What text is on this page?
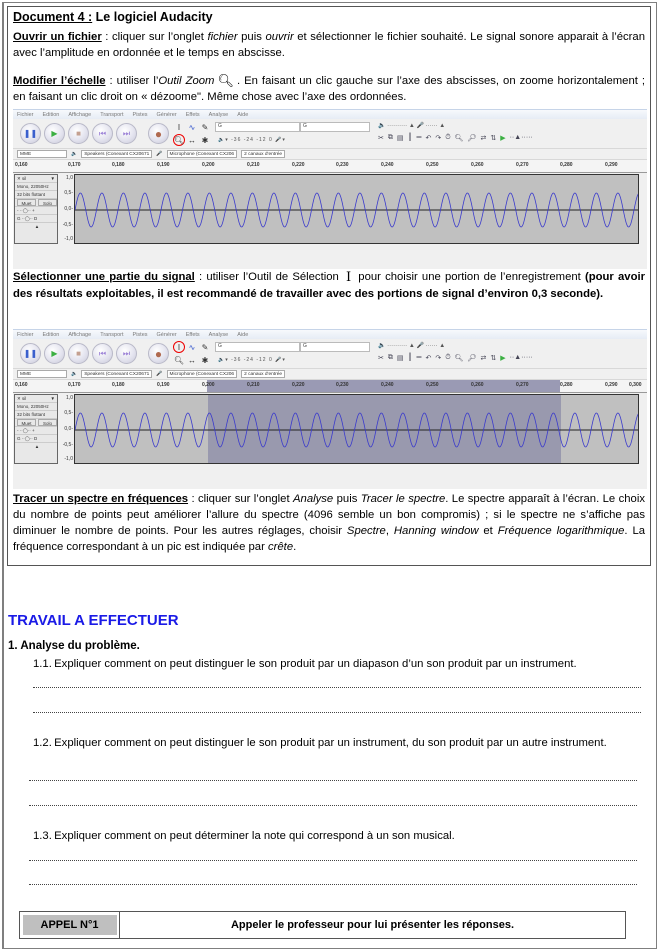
Document 4 : Le logiciel Audacity
Ouvrir un fichier : cliquer sur l’onglet fichier puis ouvrir et sélectionner le fichier souhaité. Le signal sonore apparait à l’écran avec l’amplitude en ordonnée et le temps en abscisse.
Modifier l’échelle : utiliser l’Outil Zoom 🔍︎ . En faisant un clic gauche sur l’axe des abscisses, on zoome horizontalement ; en faisant un clic droit on « dézoome". Même chose avec l’axe des ordonnées.
Fichier Edition Affichage Transport Pistes Générer Effets Analyse Aide
❚❚ ▶ ■ ⏮ ⏭ ● I ∿ ✎
🔍︎ ↔ ✱
G	G
🔈▾ -36 -24 -12 0 🎤▾
🔈 ·········· ▲ 🎤 ······ ▲
✂ ⧉ ▤ ║ ═ ↶ ↷ ⏱ 🔍︎ 🔎︎ ⇄ ⇅ ▶ ··▲·····
MME	🔈	Speakers (Conexant CX20671	🎤	Microphone (Conexant CX206	2 canaux d'entrée
0,160	0,170	0,180	0,190	0,200	0,210	0,220	0,230	0,240	0,250	0,260	0,270	0,280	0,290
✕ sil	▼
Mono, 22050Hz
32 bits flottant
Muet	Solo
- ··◯·· +
G ··◯·· D
▲
1,0
0,5-
0,0-
-0,5-
-1,0
Sélectionner une partie du signal : utiliser l’Outil de Sélection I pour choisir une portion de l’enregistrement (pour avoir des résultats exploitables, il est recommandé de travailler avec des portions de signal d’environ 0,3 seconde).
Fichier Edition Affichage Transport Pistes Générer Effets Analyse Aide
❚❚ ▶ ■ ⏮ ⏭ ● I ∿ ✎
🔍︎ ↔ ✱
G	G
🔈▾ -36 -24 -12 0 🎤▾
🔈 ·········· ▲ 🎤 ······ ▲
✂ ⧉ ▤ ║ ═ ↶ ↷ ⏱ 🔍︎ 🔎︎ ⇄ ⇅ ▶ ··▲·····
MME	🔈	Speakers (Conexant CX20671	🎤	Microphone (Conexant CX206	2 canaux d'entrée
0,160	0,170	0,180	0,190	0,200	0,210	0,220	0,230	0,240	0,250	0,260	0,270	0,280	0,290 0,300
✕ sil	▼
Mono, 22050Hz
32 bits flottant
Muet	Solo
- ··◯·· +
G ··◯·· D
▲
1,0
0,5-
0,0-
-0,5-
-1,0
Tracer un spectre en fréquences : cliquer sur l’onglet Analyse puis Tracer le spectre. Le spectre apparaît à l’écran. Le choix du nombre de points peut améliorer l’allure du spectre (4096 semble un bon compromis) ; si le spectre ne s’affiche pas diminuer le nombre de points. Pour les autres réglages, choisir Spectre, Hanning window et Fréquence logarithmique. La fréquence correspondant à un pic est indiquée par crête.
TRAVAIL A EFFECTUER
1. Analyse du problème.
1.1. Expliquer comment on peut distinguer le son produit par un diapason d’un son produit par un instrument.
1.2. Expliquer comment on peut distinguer le son produit par un instrument, du son produit par un autre instrument.
1.3. Expliquer comment on peut déterminer la note qui correspond à un son musical.
APPEL N°1	Appeler le professeur pour lui présenter les réponses.
